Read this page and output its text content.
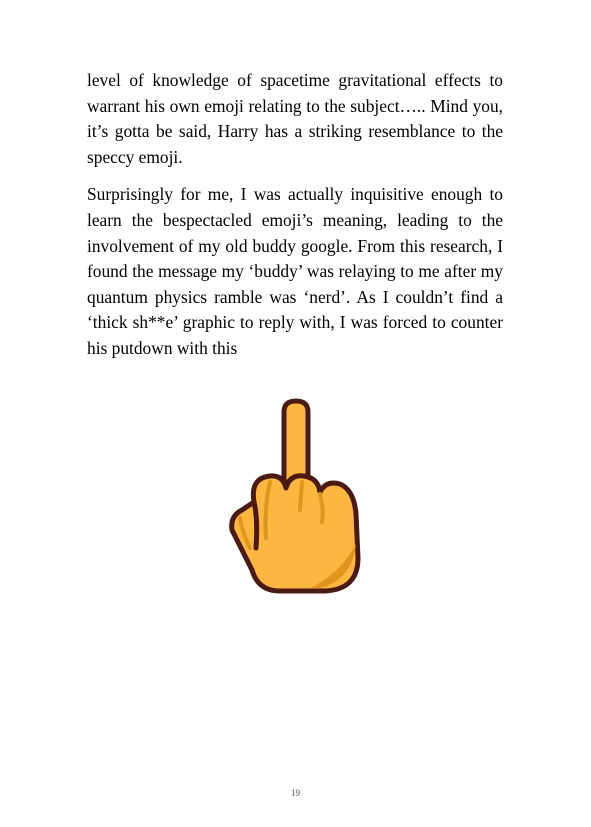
level of knowledge of spacetime gravitational effects to warrant his own emoji relating to the subject….. Mind you, it’s gotta be said, Harry has a striking resemblance to the speccy emoji.

Surprisingly for me, I was actually inquisitive enough to learn the bespectacled emoji’s meaning, leading to the involvement of my old buddy google. From this research, I found the message my ‘buddy’ was relaying to me after my quantum physics ramble was ‘nerd’. As I couldn’t find a ‘thick sh**e’ graphic to reply with, I was forced to counter his putdown with this

19
